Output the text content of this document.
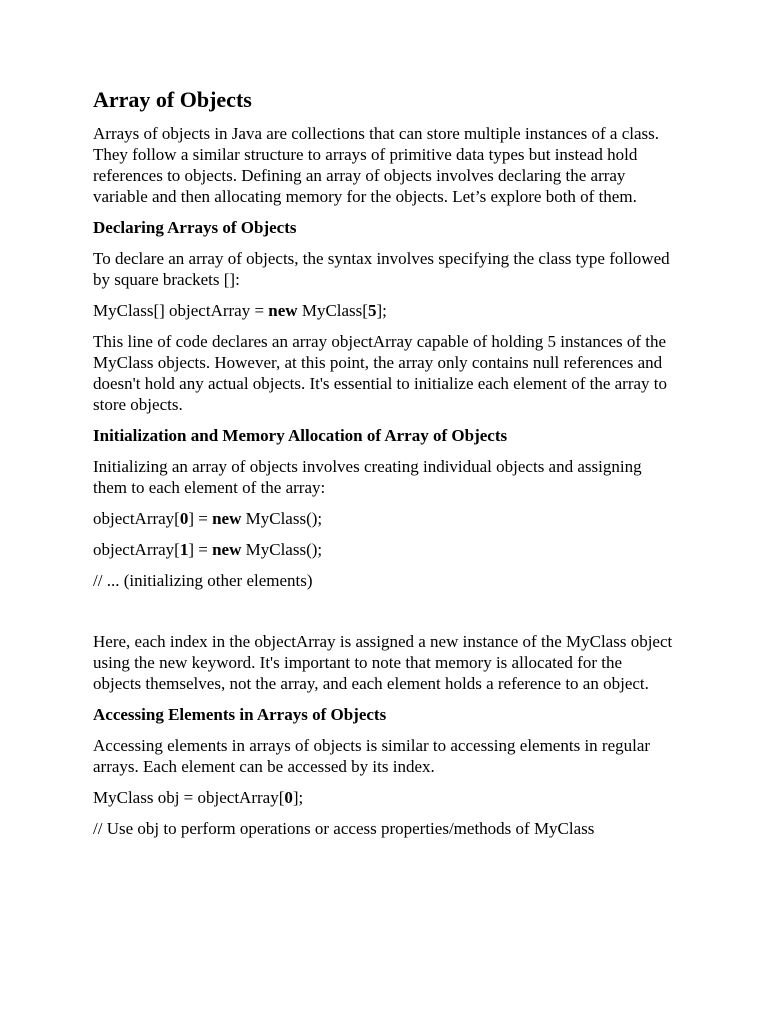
Array of Objects

Arrays of objects in Java are collections that can store multiple instances of a class. They follow a similar structure to arrays of primitive data types but instead hold references to objects. Defining an array of objects involves declaring the array variable and then allocating memory for the objects. Let’s explore both of them.

Declaring Arrays of Objects

To declare an array of objects, the syntax involves specifying the class type followed by square brackets []:

MyClass[] objectArray = new MyClass[5];

This line of code declares an array objectArray capable of holding 5 instances of the MyClass objects. However, at this point, the array only contains null references and doesn't hold any actual objects. It's essential to initialize each element of the array to store objects.

Initialization and Memory Allocation of Array of Objects

Initializing an array of objects involves creating individual objects and assigning them to each element of the array:

objectArray[0] = new MyClass();
objectArray[1] = new MyClass();
// ... (initializing other elements)

Here, each index in the objectArray is assigned a new instance of the MyClass object using the new keyword. It's important to note that memory is allocated for the objects themselves, not the array, and each element holds a reference to an object.

Accessing Elements in Arrays of Objects

Accessing elements in arrays of objects is similar to accessing elements in regular arrays. Each element can be accessed by its index.

MyClass obj = objectArray[0];
// Use obj to perform operations or access properties/methods of MyClass
